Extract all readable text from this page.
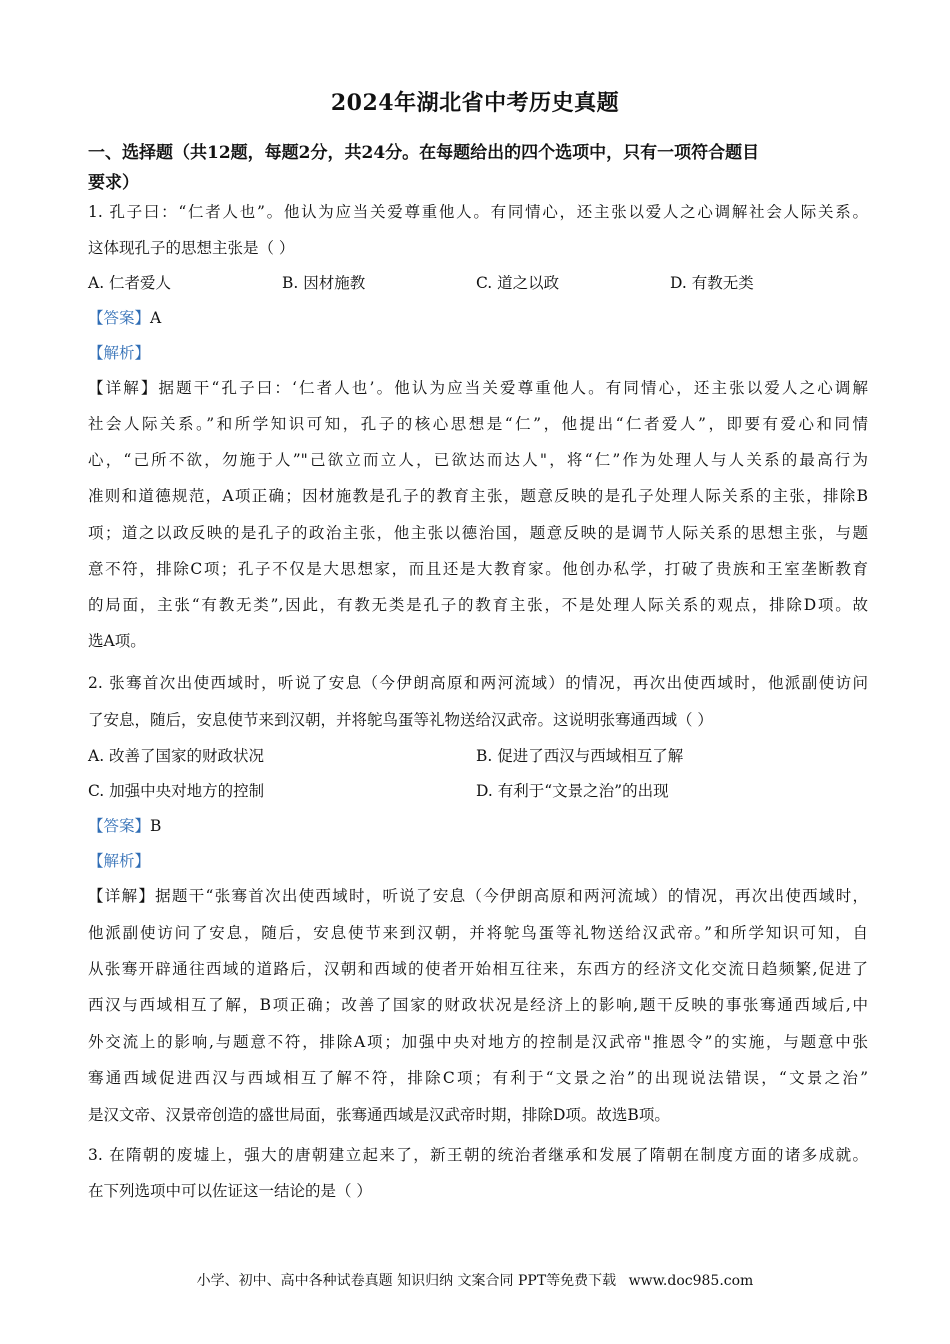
2024年湖北省中考历史真题
一、选择题（共12题，每题2分，共24分。在每题给出的四个选项中，只有一项符合题目
要求）
1. 孔子曰：“仁者人也”。他认为应当关爱尊重他人。有同情心，还主张以爱人之心调解社会人际关系。
这体现孔子的思想主张是（ ）
A. 仁者爱人	B. 因材施教	C. 道之以政	D. 有教无类
【答案】A
【解析】
【详解】据题干“孔子曰：‘仁者人也’。他认为应当关爱尊重他人。有同情心，还主张以爱人之心调解
社会人际关系。”和所学知识可知，孔子的核心思想是“仁”，他提出“仁者爱人”，即要有爱心和同情
心，“己所不欲，勿施于人”"己欲立而立人，已欲达而达人"，将“仁”作为处理人与人关系的最高行为
准则和道德规范，A项正确；因材施教是孔子的教育主张，题意反映的是孔子处理人际关系的主张，排除B
项；道之以政反映的是孔子的政治主张，他主张以德治国，题意反映的是调节人际关系的思想主张，与题
意不符，排除C项；孔子不仅是大思想家，而且还是大教育家。他创办私学，打破了贵族和王室垄断教育
的局面，主张“有教无类”,因此，有教无类是孔子的教育主张，不是处理人际关系的观点，排除D项。故
选A项。
2. 张骞首次出使西域时，听说了安息（今伊朗高原和两河流域）的情况，再次出使西域时，他派副使访问
了安息，随后，安息使节来到汉朝，并将鸵鸟蛋等礼物送给汉武帝。这说明张骞通西域（ ）
A. 改善了国家的财政状况	B. 促进了西汉与西域相互了解
C. 加强中央对地方的控制	D. 有利于“文景之治”的出现
【答案】B
【解析】
【详解】据题干“张骞首次出使西域时，听说了安息（今伊朗高原和两河流域）的情况，再次出使西域时，
他派副使访问了安息，随后，安息使节来到汉朝，并将鸵鸟蛋等礼物送给汉武帝。”和所学知识可知，自
从张骞开辟通往西域的道路后，汉朝和西域的使者开始相互往来，东西方的经济文化交流日趋频繁,促进了
西汉与西域相互了解，B项正确；改善了国家的财政状况是经济上的影响,题干反映的事张骞通西域后,中
外交流上的影响,与题意不符，排除A项；加强中央对地方的控制是汉武帝"推恩令”的实施，与题意中张
骞通西域促进西汉与西域相互了解不符，排除C项；有利于“文景之治”的出现说法错误，“文景之治”
是汉文帝、汉景帝创造的盛世局面，张骞通西域是汉武帝时期，排除D项。故选B项。
3. 在隋朝的废墟上，强大的唐朝建立起来了，新王朝的统治者继承和发展了隋朝在制度方面的诸多成就。
在下列选项中可以佐证这一结论的是（ ）
小学、初中、高中各种试卷真题 知识归纳 文案合同 PPT等免费下载 www.doc985.com
